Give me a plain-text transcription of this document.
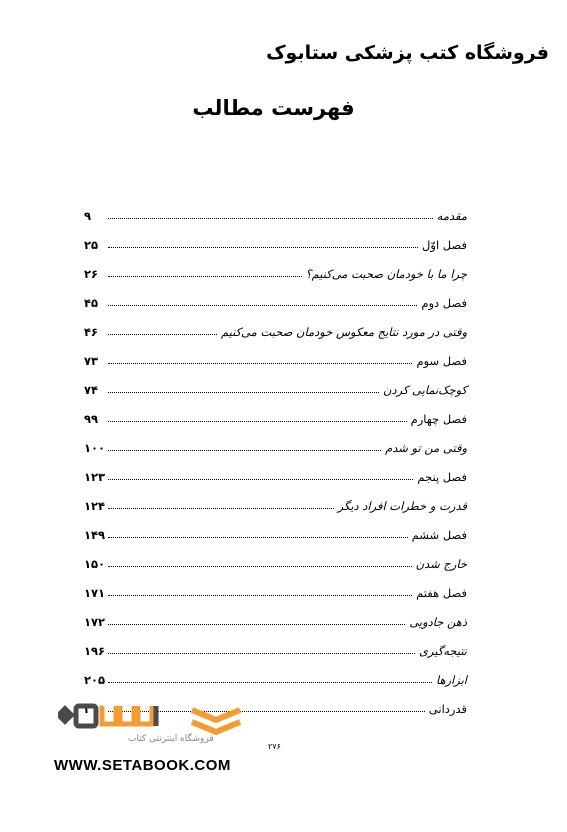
فروشگاه کتب پزشکی ستابوک
فهرست مطالب
مقدمه
۹
فصل اوّل
۲۵
چرا ما با خودمان صحبت می‌کنیم؟
۲۶
فصل دوم
۴۵
وقتی در مورد نتایج معکوس خودمان صحبت می‌کنیم
۴۶
فصل سوم
۷۳
کوچک‌نمایی کردن
۷۴
فصل چهارم
۹۹
وقتی من تو شدم
۱۰۰
فصل پنجم
۱۲۳
قدرت و خطرات افراد دیگر
۱۲۴
فصل ششم
۱۴۹
خارج شدن
۱۵۰
فصل هفتم
۱۷۱
ذهن جادویی
۱۷۲
نتیجه‌گیری
۱۹۶
ابزارها
۲۰۵
قدردانی
۲۱۱
۲۷۶
فروشگاه اینترنتی کتاب
WWW.SETABOOK.COM
